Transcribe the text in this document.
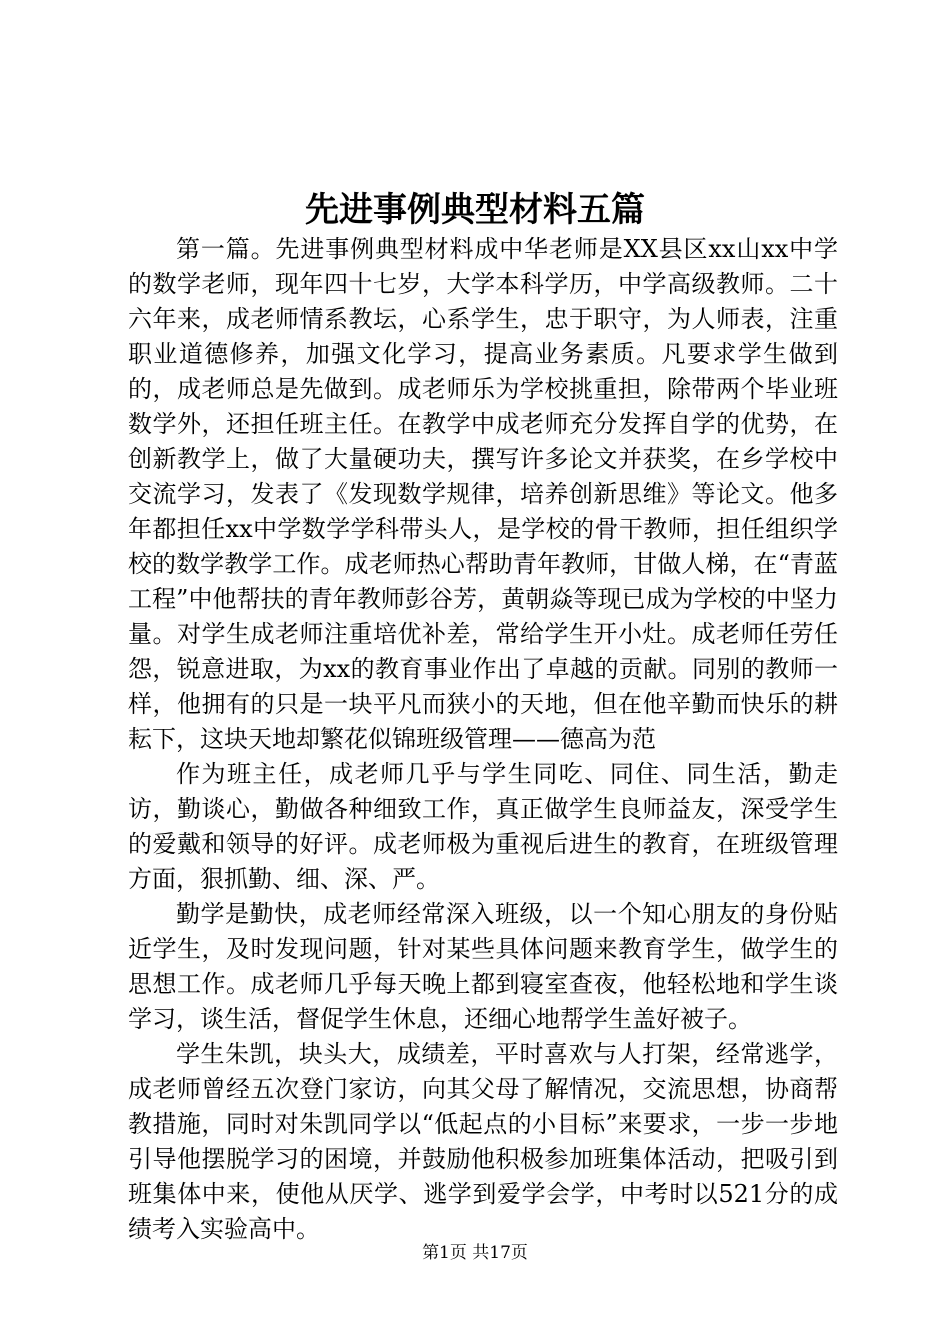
先进事例典型材料五篇

第一篇。先进事例典型材料成中华老师是XX县区xx山xx中学的数学老师，现年四十七岁，大学本科学历，中学高级教师。二十六年来，成老师情系教坛，心系学生，忠于职守，为人师表，注重职业道德修养，加强文化学习，提高业务素质。凡要求学生做到的，成老师总是先做到。成老师乐为学校挑重担，除带两个毕业班数学外，还担任班主任。在教学中成老师充分发挥自学的优势，在创新教学上，做了大量硬功夫，撰写许多论文并获奖，在乡学校中交流学习，发表了《发现数学规律，培养创新思维》等论文。他多年都担任xx中学数学学科带头人，是学校的骨干教师，担任组织学校的数学教学工作。成老师热心帮助青年教师，甘做人梯，在“青蓝工程”中他帮扶的青年教师彭谷芳，黄朝焱等现已成为学校的中坚力量。对学生成老师注重培优补差，常给学生开小灶。成老师任劳任怨，锐意进取，为xx的教育事业作出了卓越的贡献。同别的教师一样，他拥有的只是一块平凡而狭小的天地，但在他辛勤而快乐的耕耘下，这块天地却繁花似锦班级管理——德高为范

作为班主任，成老师几乎与学生同吃、同住、同生活，勤走访，勤谈心，勤做各种细致工作，真正做学生良师益友，深受学生的爱戴和领导的好评。成老师极为重视后进生的教育，在班级管理方面，狠抓勤、细、深、严。

勤学是勤快，成老师经常深入班级，以一个知心朋友的身份贴近学生，及时发现问题，针对某些具体问题来教育学生，做学生的思想工作。成老师几乎每天晚上都到寝室查夜，他轻松地和学生谈学习，谈生活，督促学生休息，还细心地帮学生盖好被子。

学生朱凯，块头大，成绩差，平时喜欢与人打架，经常逃学，成老师曾经五次登门家访，向其父母了解情况，交流思想，协商帮教措施，同时对朱凯同学以“低起点的小目标”来要求，一步一步地引导他摆脱学习的困境，并鼓励他积极参加班集体活动，把吸引到班集体中来，使他从厌学、逃学到爱学会学，中考时以521分的成绩考入实验高中。

第1页 共17页
